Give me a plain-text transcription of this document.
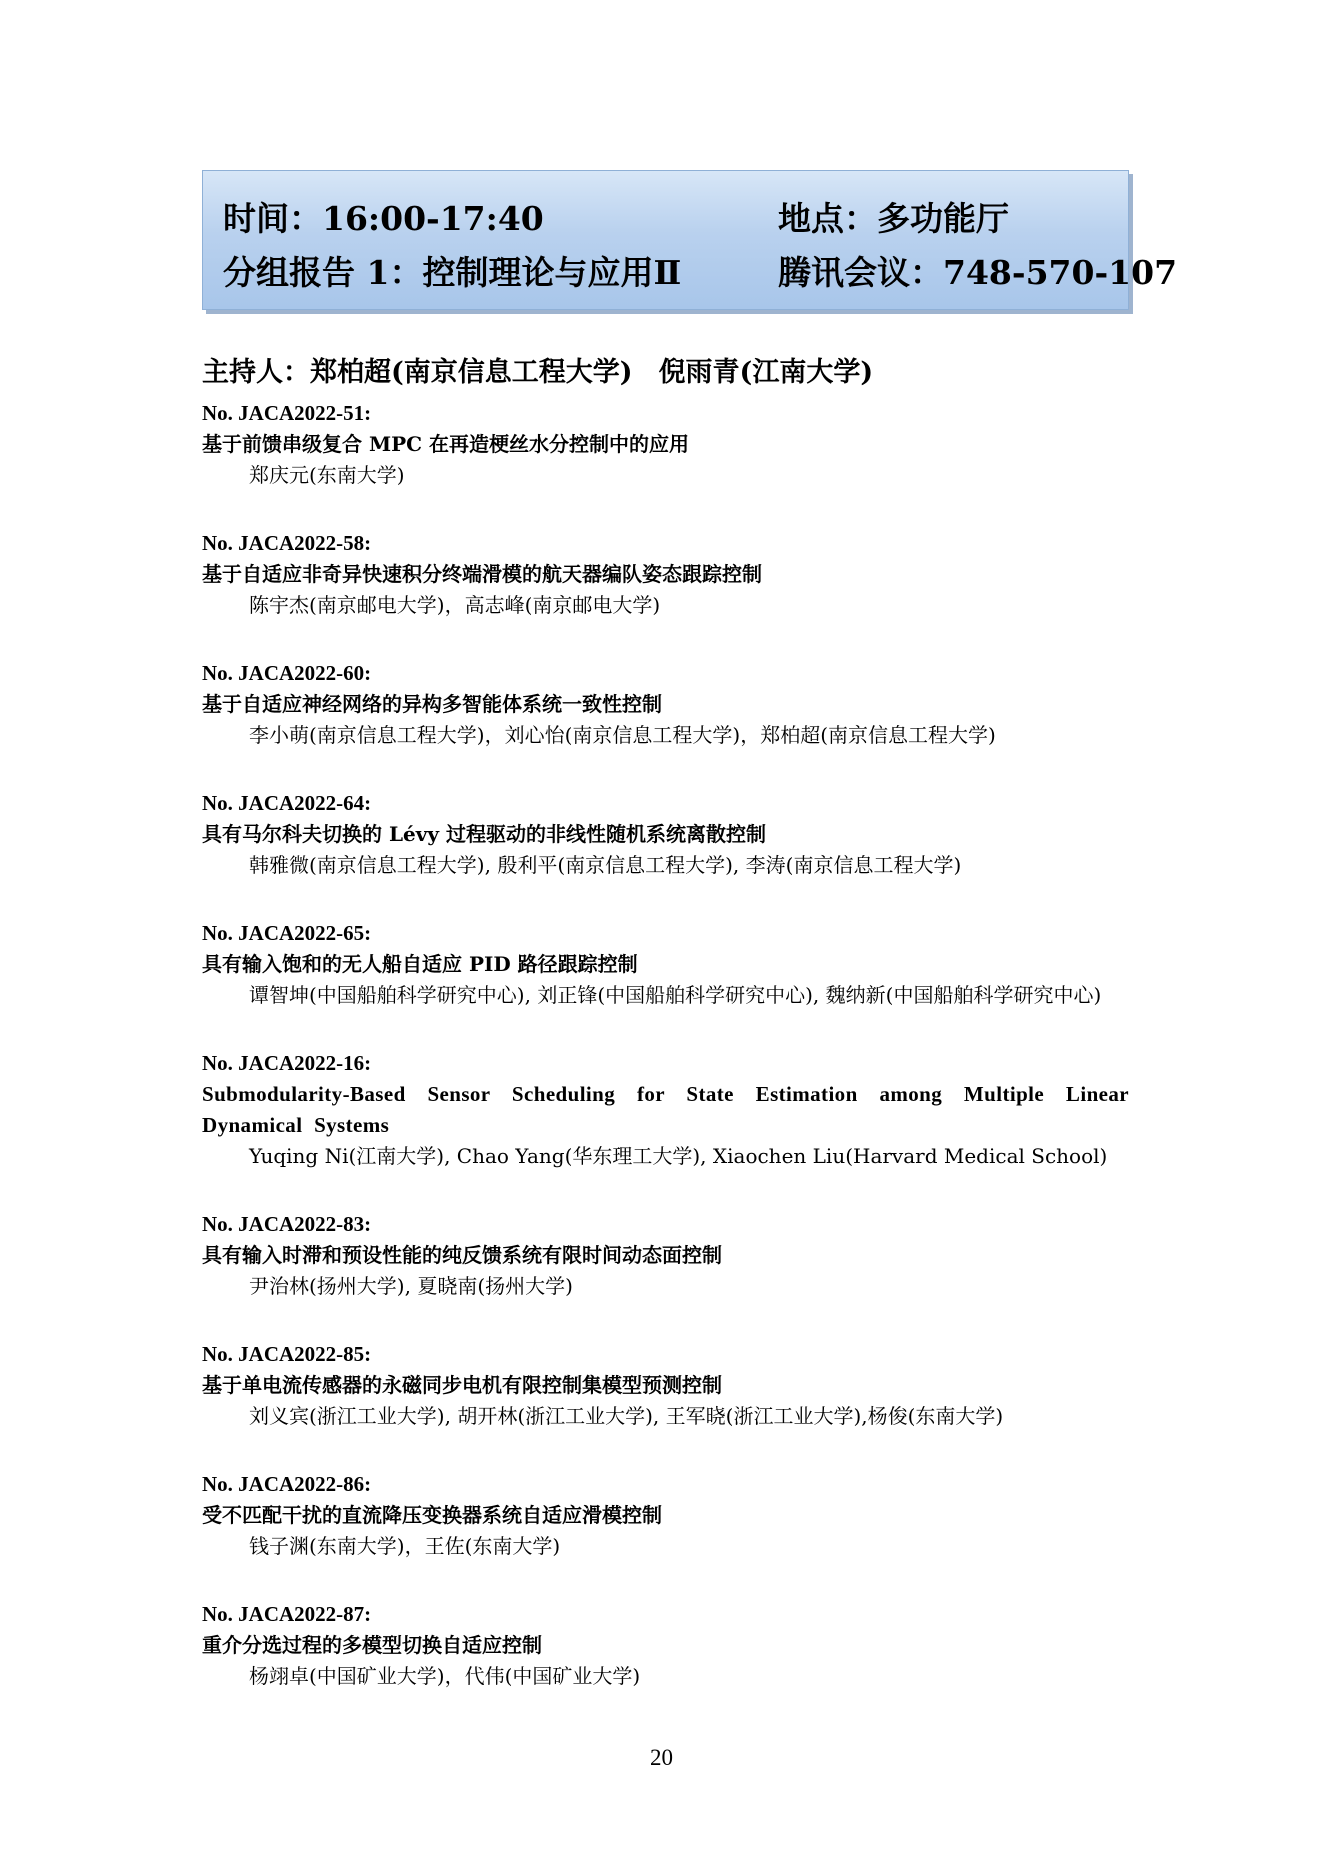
时间：16:00-17:40	地点：多功能厅
分组报告 1：控制理论与应用Ⅱ	腾讯会议：748-570-107
主持人：郑柏超(南京信息工程大学) 倪雨青(江南大学)
No. JACA2022-51:
基于前馈串级复合 MPC 在再造梗丝水分控制中的应用
郑庆元(东南大学)
No. JACA2022-58:
基于自适应非奇异快速积分终端滑模的航天器编队姿态跟踪控制
陈宇杰(南京邮电大学)，高志峰(南京邮电大学)
No. JACA2022-60:
基于自适应神经网络的异构多智能体系统一致性控制
李小萌(南京信息工程大学)，刘心怡(南京信息工程大学)，郑柏超(南京信息工程大学)
No. JACA2022-64:
具有马尔科夫切换的 Lévy 过程驱动的非线性随机系统离散控制
韩雅微(南京信息工程大学), 殷利平(南京信息工程大学), 李涛(南京信息工程大学)
No. JACA2022-65:
具有输入饱和的无人船自适应 PID 路径跟踪控制
谭智坤(中国船舶科学研究中心), 刘正锋(中国船舶科学研究中心), 魏纳新(中国船舶科学研究中心)
No. JACA2022-16:
Submodularity-Based Sensor Scheduling for State Estimation among Multiple Linear Dynamical Systems
Yuqing Ni(江南大学), Chao Yang(华东理工大学), Xiaochen Liu(Harvard Medical School)
No. JACA2022-83:
具有输入时滞和预设性能的纯反馈系统有限时间动态面控制
尹治林(扬州大学), 夏晓南(扬州大学)
No. JACA2022-85:
基于单电流传感器的永磁同步电机有限控制集模型预测控制
刘义宾(浙江工业大学), 胡开林(浙江工业大学), 王军晓(浙江工业大学),杨俊(东南大学)
No. JACA2022-86:
受不匹配干扰的直流降压变换器系统自适应滑模控制
钱子渊(东南大学)，王佐(东南大学)
No. JACA2022-87:
重介分选过程的多模型切换自适应控制
杨翊卓(中国矿业大学)，代伟(中国矿业大学)
20
